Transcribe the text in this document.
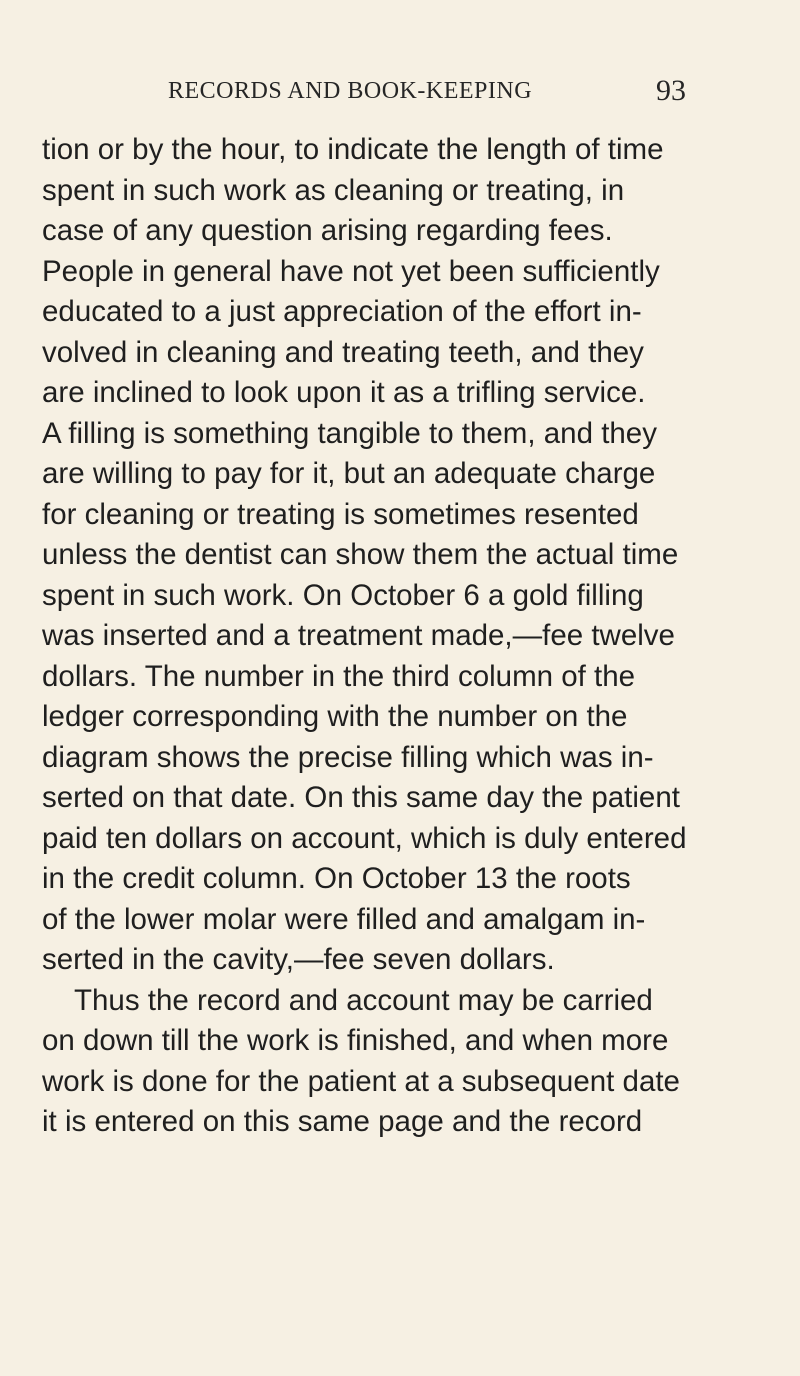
RECORDS AND BOOK-KEEPING	93
tion or by the hour, to indicate the length of time
spent in such work as cleaning or treating, in
case of any question arising regarding fees.
People in general have not yet been sufficiently
educated to a just appreciation of the effort in-
volved in cleaning and treating teeth, and they
are inclined to look upon it as a trifling service.
A filling is something tangible to them, and they
are willing to pay for it, but an adequate charge
for cleaning or treating is sometimes resented
unless the dentist can show them the actual time
spent in such work. On October 6 a gold filling
was inserted and a treatment made,—fee twelve
dollars. The number in the third column of the
ledger corresponding with the number on the
diagram shows the precise filling which was in-
serted on that date. On this same day the patient
paid ten dollars on account, which is duly entered
in the credit column. On October 13 the roots
of the lower molar were filled and amalgam in-
serted in the cavity,—fee seven dollars.
Thus the record and account may be carried
on down till the work is finished, and when more
work is done for the patient at a subsequent date
it is entered on this same page and the record
